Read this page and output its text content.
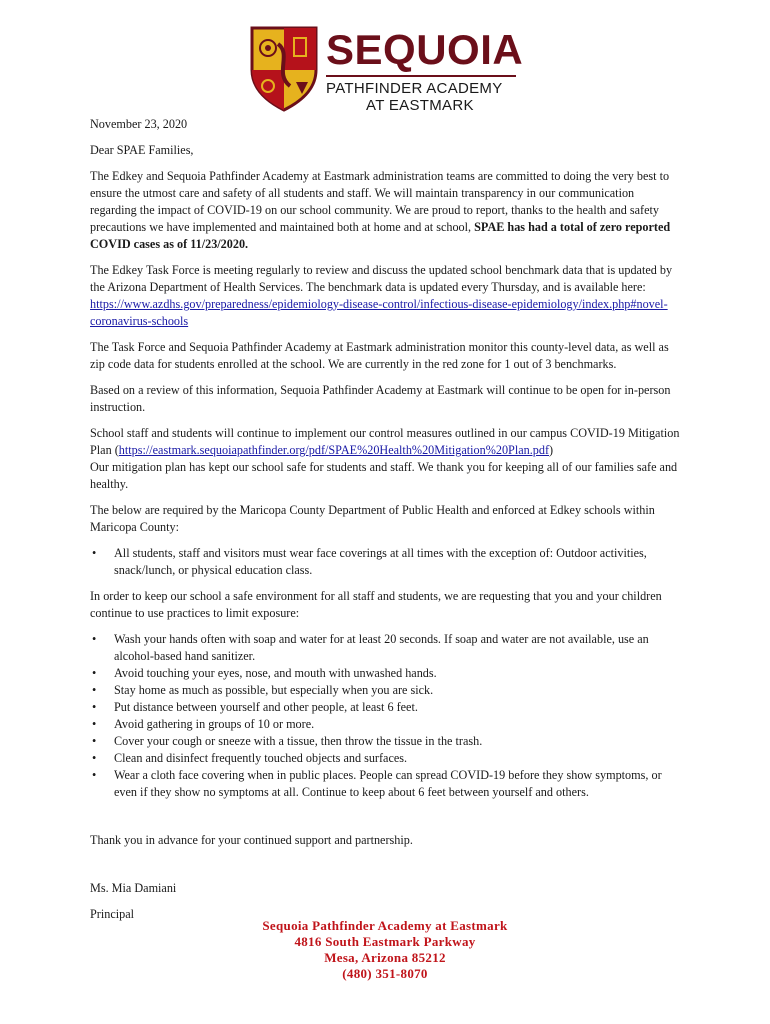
SEQUOIA
PATHFINDER ACADEMY
AT EASTMARK

November 23, 2020

Dear SPAE Families,

The Edkey and Sequoia Pathfinder Academy at Eastmark administration teams are committed to doing the very best to ensure the utmost care and safety of all students and staff. We will maintain transparency in our communication regarding the impact of COVID-19 on our school community. We are proud to report, thanks to the health and safety precautions we have implemented and maintained both at home and at school, SPAE has had a total of zero reported COVID cases as of 11/23/2020.

The Edkey Task Force is meeting regularly to review and discuss the updated school benchmark data that is updated by the Arizona Department of Health Services. The benchmark data is updated every Thursday, and is available here: https://www.azdhs.gov/preparedness/epidemiology-disease-control/infectious-disease-epidemiology/index.php#novel-coronavirus-schools

The Task Force and Sequoia Pathfinder Academy at Eastmark administration monitor this county-level data, as well as zip code data for students enrolled at the school. We are currently in the red zone for 1 out of 3 benchmarks.

Based on a review of this information, Sequoia Pathfinder Academy at Eastmark will continue to be open for in-person instruction.

School staff and students will continue to implement our control measures outlined in our campus COVID-19 Mitigation Plan (https://eastmark.sequoiapathfinder.org/pdf/SPAE%20Health%20Mitigation%20Plan.pdf)
Our mitigation plan has kept our school safe for students and staff. We thank you for keeping all of our families safe and healthy.

The below are required by the Maricopa County Department of Public Health and enforced at Edkey schools within Maricopa County:

• All students, staff and visitors must wear face coverings at all times with the exception of: Outdoor activities, snack/lunch, or physical education class.

In order to keep our school a safe environment for all staff and students, we are requesting that you and your children continue to use practices to limit exposure:

• Wash your hands often with soap and water for at least 20 seconds. If soap and water are not available, use an alcohol-based hand sanitizer.
• Avoid touching your eyes, nose, and mouth with unwashed hands.
• Stay home as much as possible, but especially when you are sick.
• Put distance between yourself and other people, at least 6 feet.
• Avoid gathering in groups of 10 or more.
• Cover your cough or sneeze with a tissue, then throw the tissue in the trash.
• Clean and disinfect frequently touched objects and surfaces.
• Wear a cloth face covering when in public places. People can spread COVID-19 before they show symptoms, or even if they show no symptoms at all. Continue to keep about 6 feet between yourself and others.

Thank you in advance for your continued support and partnership.

Ms. Mia Damiani

Principal

Sequoia Pathfinder Academy at Eastmark
4816 South Eastmark Parkway
Mesa, Arizona 85212
(480) 351-8070
